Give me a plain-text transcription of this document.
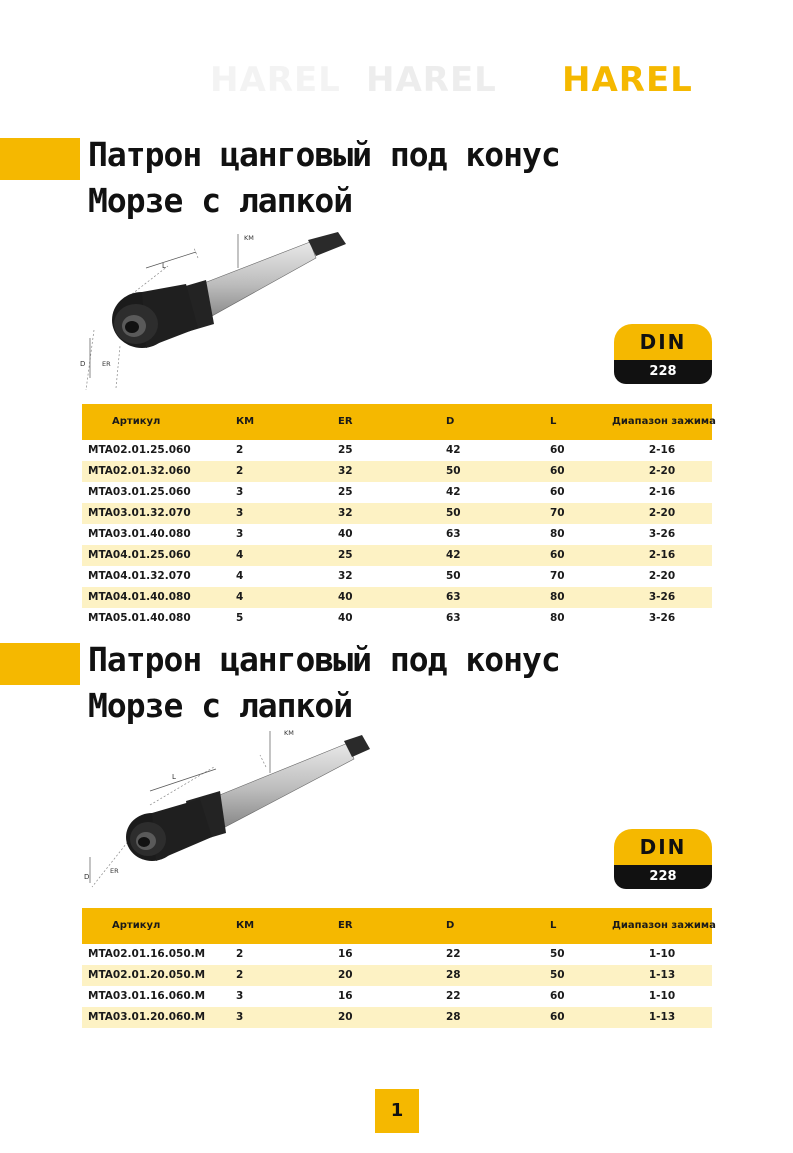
HAREL HAREL HAREL
Патрон цанговый под конус
Морзе с лапкой
KM
L
D	ER
DIN
228
Артикул	КМ	ER	D	L	Диапазон зажима
MTA02.01.25.060	2	25	42	60	2-16
MTA02.01.32.060	2	32	50	60	2-20
MTA03.01.25.060	3	25	42	60	2-16
MTA03.01.32.070	3	32	50	70	2-20
MTA03.01.40.080	3	40	63	80	3-26
MTA04.01.25.060	4	25	42	60	2-16
MTA04.01.32.070	4	32	50	70	2-20
MTA04.01.40.080	4	40	63	80	3-26
MTA05.01.40.080	5	40	63	80	3-26
Патрон цанговый под конус
Морзе с лапкой
KM
L
D
ER
DIN
228
Артикул	КМ	ER	D	L	Диапазон зажима
MTA02.01.16.050.M	2	16	22	50	1-10
MTA02.01.20.050.M	2	20	28	50	1-13
MTA03.01.16.060.M	3	16	22	60	1-10
MTA03.01.20.060.M	3	20	28	60	1-13
1
